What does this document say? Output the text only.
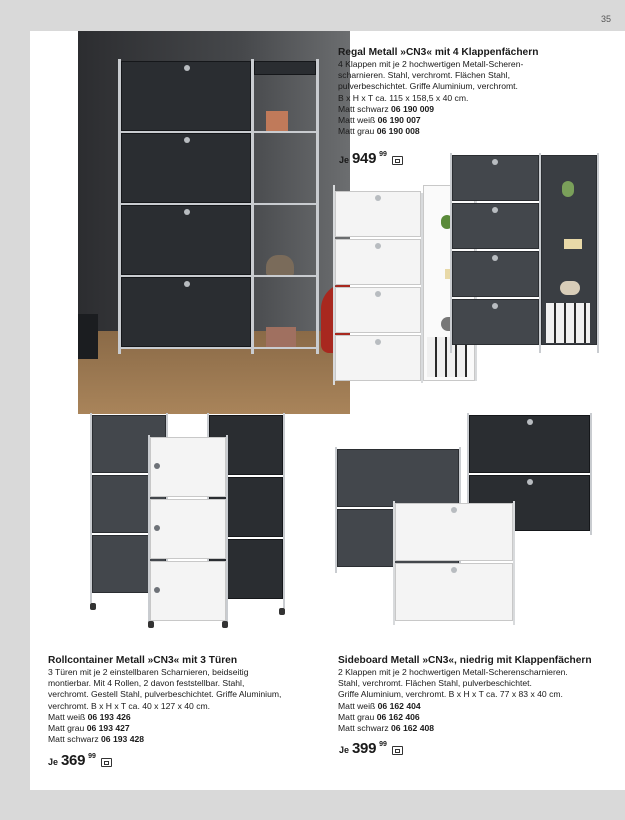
35
Regal Metall »CN3« mit 4 Klappenfächern
4 Klappen mit je 2 hochwertigen Metall-Scheren-
scharnieren. Stahl, verchromt. Flächen Stahl,
pulverbeschichtet. Griffe Aluminium, verchromt.
B x H x T ca. 115 x 158,5 x 40 cm.
Matt schwarz 06 190 009
Matt weiß 06 190 007
Matt grau 06 190 008
Je 949 99
Rollcontainer Metall »CN3« mit 3 Türen
3 Türen mit je 2 einstellbaren Scharnieren, beidseitig
montierbar. Mit 4 Rollen, 2 davon feststellbar. Stahl,
verchromt. Gestell Stahl, pulverbeschichtet. Griffe Aluminium,
verchromt. B x H x T ca. 40 x 127 x 40 cm.
Matt weiß 06 193 426
Matt grau 06 193 427
Matt schwarz 06 193 428
Je 369 99
Sideboard Metall »CN3«, niedrig mit Klappenfächern
2 Klappen mit je 2 hochwertigen Metall-Scherenscharnieren.
Stahl, verchromt. Flächen Stahl, pulverbeschichtet.
Griffe Aluminium, verchromt. B x H x T ca. 77 x 83 x 40 cm.
Matt weiß 06 162 404
Matt grau 06 162 406
Matt schwarz 06 162 408
Je 399 99
